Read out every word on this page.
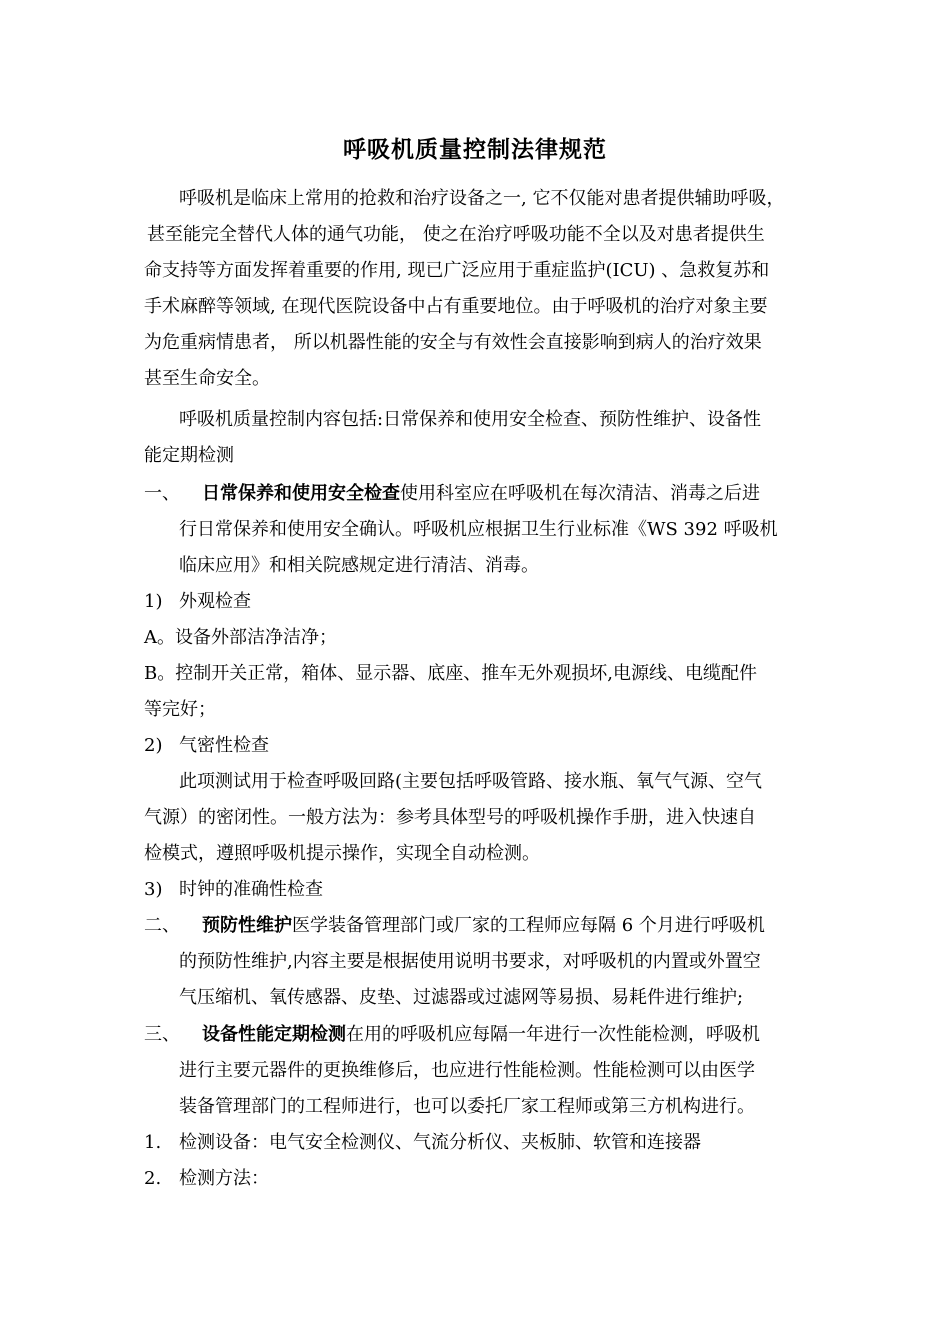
呼吸机质量控制法律规范
呼吸机是临床上常用的抢救和治疗设备之一, 它不仅能对患者提供辅助呼吸，
甚至能完全替代人体的通气功能， 使之在治疗呼吸功能不全以及对患者提供生
命支持等方面发挥着重要的作用, 现已广泛应用于重症监护(ICU) 、急救复苏和
手术麻醉等领域, 在现代医院设备中占有重要地位。由于呼吸机的治疗对象主要
为危重病情患者， 所以机器性能的安全与有效性会直接影响到病人的治疗效果
甚至生命安全。
呼吸机质量控制内容包括:日常保养和使用安全检查、预防性维护、设备性
能定期检测
一、 日常保养和使用安全检查使用科室应在呼吸机在每次清洁、消毒之后进
行日常保养和使用安全确认。呼吸机应根据卫生行业标准《WS 392 呼吸机
临床应用》和相关院感规定进行清洁、消毒。
1) 外观检查
A。设备外部洁净洁净；
B。控制开关正常，箱体、显示器、底座、推车无外观损坏,电源线、电缆配件
等完好；
2) 气密性检查
此项测试用于检查呼吸回路(主要包括呼吸管路、接水瓶、氧气气源、空气
气源）的密闭性。一般方法为：参考具体型号的呼吸机操作手册，进入快速自
检模式，遵照呼吸机提示操作，实现全自动检测。
3) 时钟的准确性检查
二、 预防性维护医学装备管理部门或厂家的工程师应每隔 6 个月进行呼吸机
的预防性维护,内容主要是根据使用说明书要求，对呼吸机的内置或外置空
气压缩机、氧传感器、皮垫、过滤器或过滤网等易损、易耗件进行维护;
三、 设备性能定期检测在用的呼吸机应每隔一年进行一次性能检测，呼吸机
进行主要元器件的更换维修后，也应进行性能检测。性能检测可以由医学
装备管理部门的工程师进行，也可以委托厂家工程师或第三方机构进行。
1. 检测设备：电气安全检测仪、气流分析仪、夹板肺、软管和连接器
2. 检测方法：
